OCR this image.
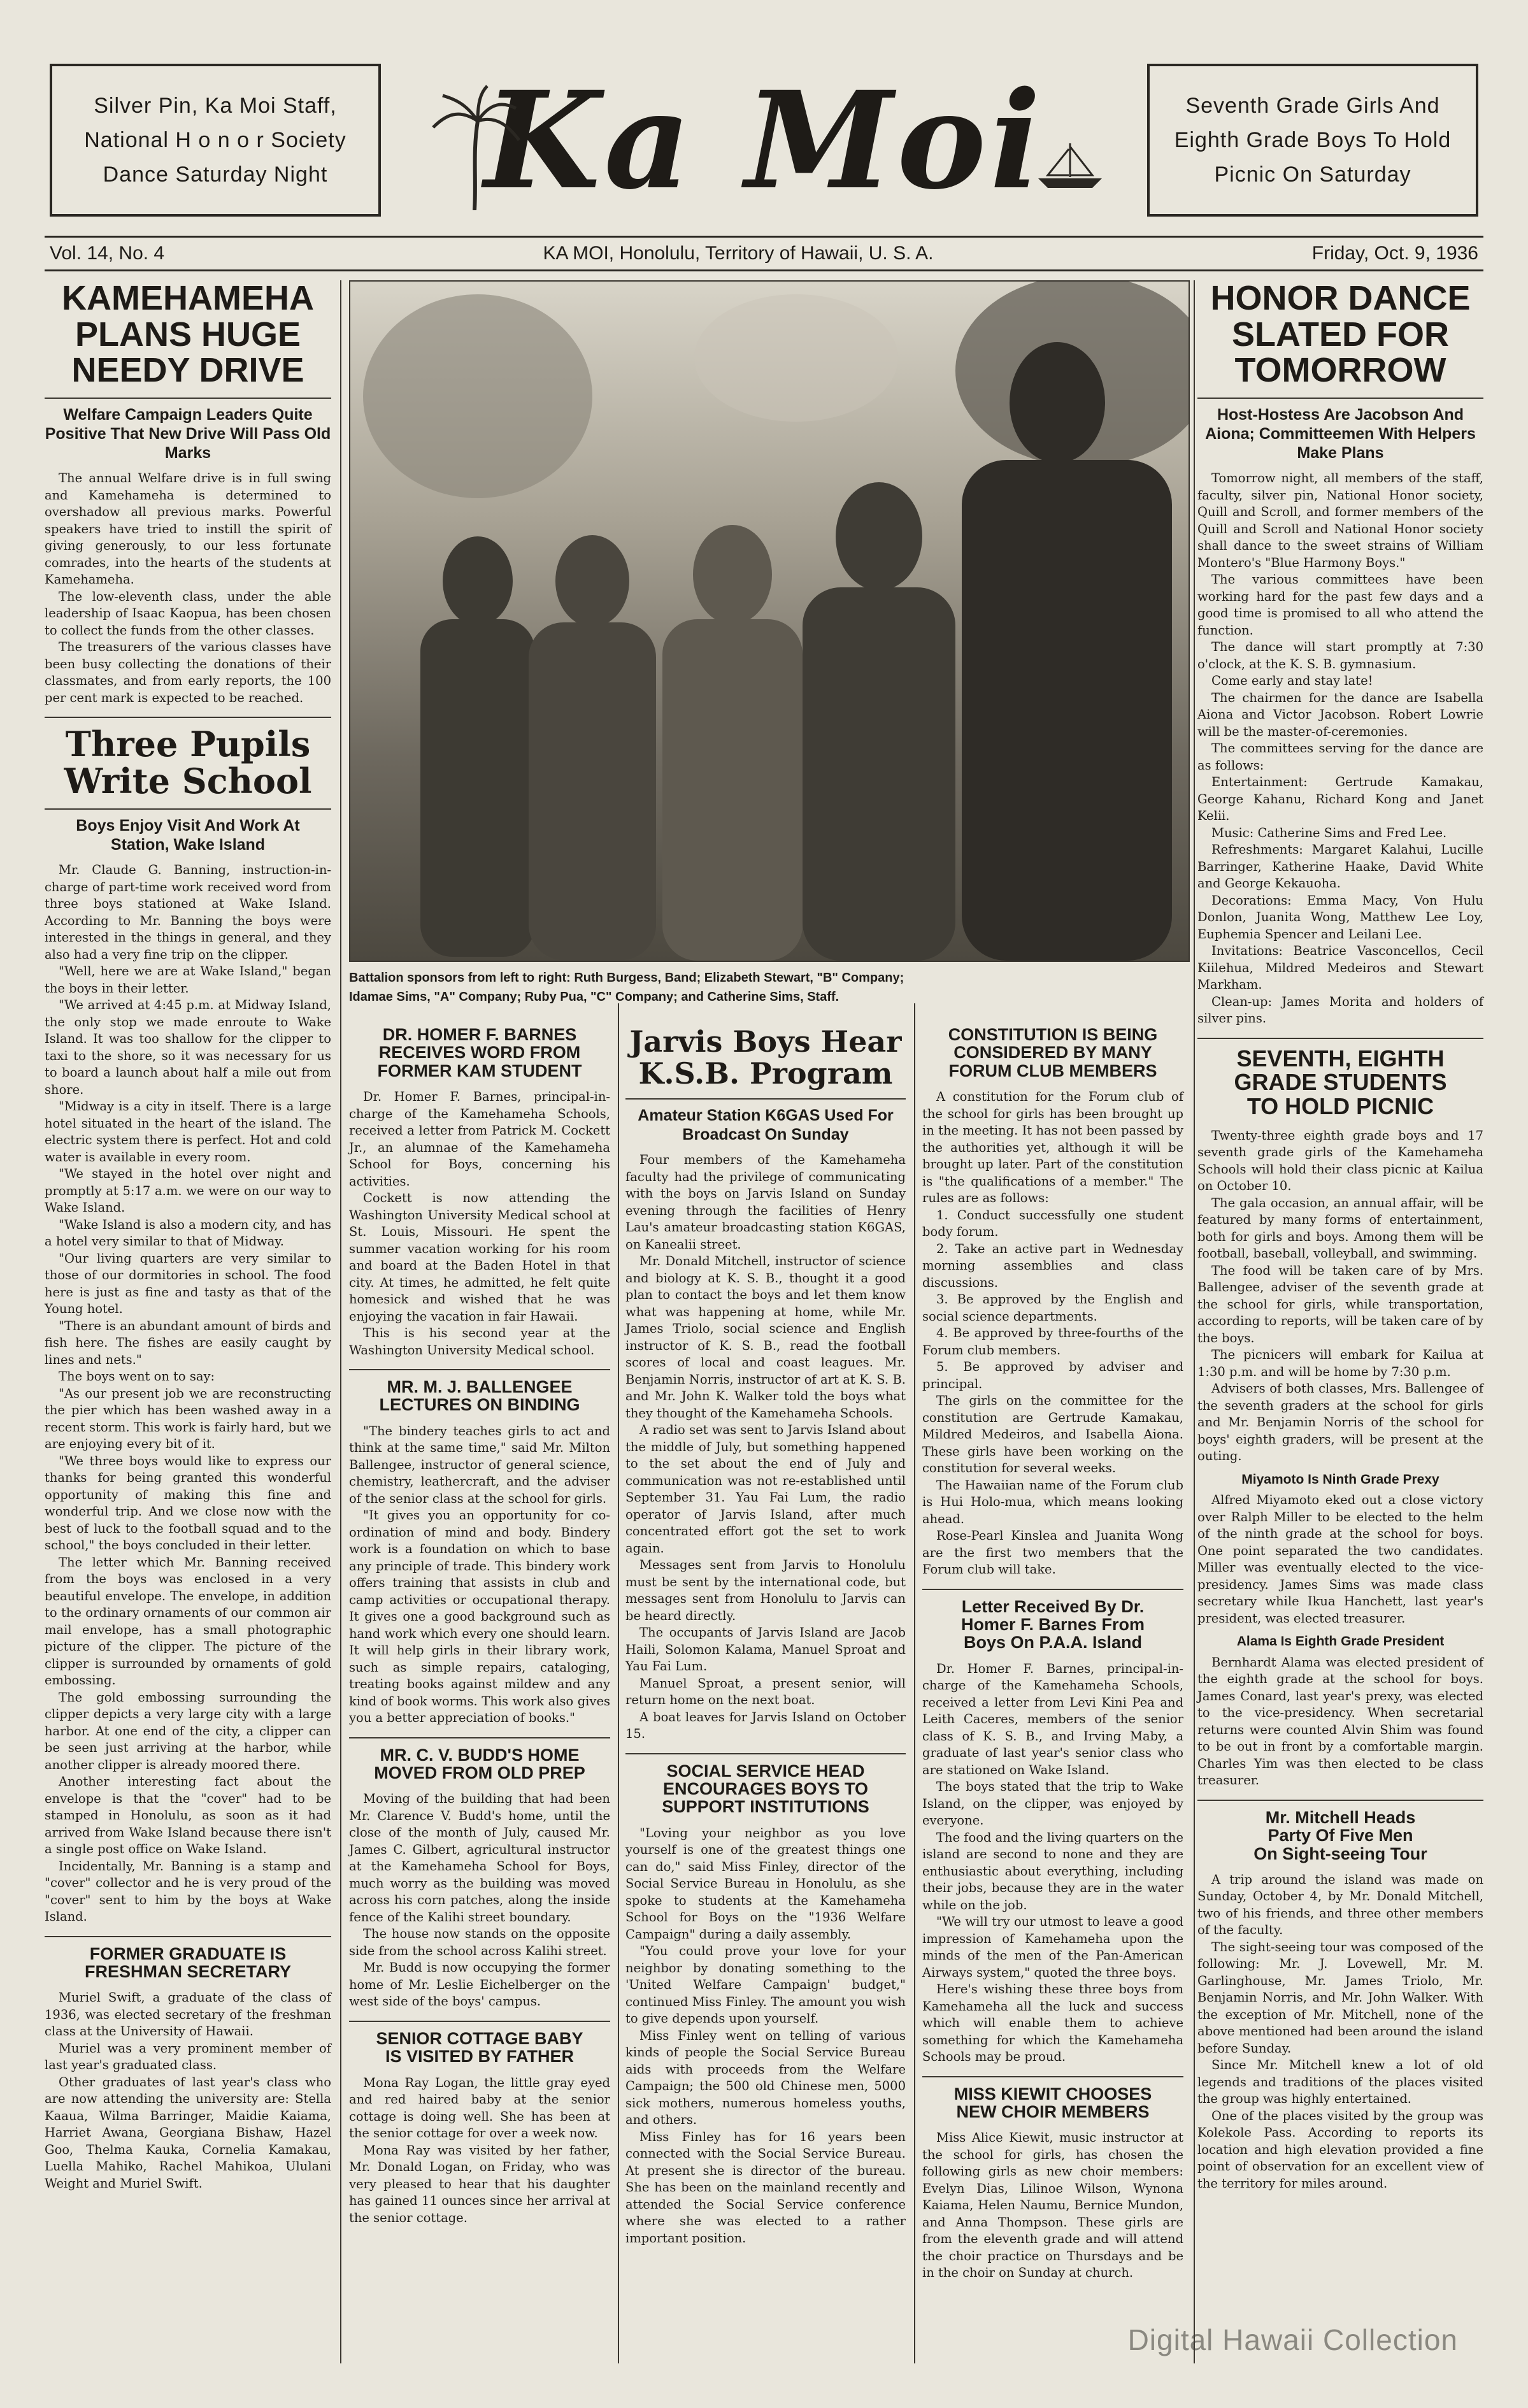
Silver Pin, Ka Moi Staff,
National H o n o r Society
Dance Saturday Night Ka Moi	Seventh Grade Girls And
Eighth Grade Boys To Hold
Picnic On Saturday
Vol. 14, No. 4	KA MOI, Honolulu, Territory of Hawaii, U. S. A.	Friday, Oct. 9, 1936
KAMEHAMEHA
PLANS HUGE
NEEDY DRIVE
Welfare Campaign Leaders Quite Positive That New Drive Will Pass Old Marks

The annual Welfare drive is in full swing and Kamehameha is determined to overshadow all previous marks. Powerful speakers have tried to instill the spirit of giving generously, to our less fortunate comrades, into the hearts of the students at Kamehameha.

The low-eleventh class, under the able leadership of Isaac Kaopua, has been chosen to collect the funds from the other classes.

The treasurers of the various classes have been busy collecting the donations of their classmates, and from early reports, the 100 per cent mark is expected to be reached.

Three Pupils
Write School
Boys Enjoy Visit And Work At Station, Wake Island

Mr. Claude G. Banning, instruction-in-charge of part-time work received word from three boys stationed at Wake Island. According to Mr. Banning the boys were interested in the things in general, and they also had a very fine trip on the clipper.

"Well, here we are at Wake Island," began the boys in their letter.

"We arrived at 4:45 p.m. at Midway Island, the only stop we made enroute to Wake Island. It was too shallow for the clipper to taxi to the shore, so it was necessary for us to board a launch about half a mile out from shore.

"Midway is a city in itself. There is a large hotel situated in the heart of the island. The electric system there is perfect. Hot and cold water is available in every room.

"We stayed in the hotel over night and promptly at 5:17 a.m. we were on our way to Wake Island.

"Wake Island is also a modern city, and has a hotel very similar to that of Midway.

"Our living quarters are very similar to those of our dormitories in school. The food here is just as fine and tasty as that of the Young hotel.

"There is an abundant amount of birds and fish here. The fishes are easily caught by lines and nets."

The boys went on to say:

"As our present job we are reconstructing the pier which has been washed away in a recent storm. This work is fairly hard, but we are enjoying every bit of it.

"We three boys would like to express our thanks for being granted this wonderful opportunity of making this fine and wonderful trip. And we close now with the best of luck to the football squad and to the school," the boys concluded in their letter.

The letter which Mr. Banning received from the boys was enclosed in a very beautiful envelope. The envelope, in addition to the ordinary ornaments of our common air mail envelope, has a small photographic picture of the clipper. The picture of the clipper is surrounded by ornaments of gold embossing.

The gold embossing surrounding the clipper depicts a very large city with a large harbor. At one end of the city, a clipper can be seen just arriving at the harbor, while another clipper is already moored there.

Another interesting fact about the envelope is that the "cover" had to be stamped in Honolulu, as soon as it had arrived from Wake Island because there isn't a single post office on Wake Island.

Incidentally, Mr. Banning is a stamp and "cover" collector and he is very proud of the "cover" sent to him by the boys at Wake Island.

FORMER GRADUATE IS
FRESHMAN SECRETARY

Muriel Swift, a graduate of the class of 1936, was elected secretary of the freshman class at the University of Hawaii.

Muriel was a very prominent member of last year's graduated class.

Other graduates of last year's class who are now attending the university are: Stella Kaaua, Wilma Barringer, Maidie Kaiama, Harriet Awana, Georgiana Bishaw, Hazel Goo, Thelma Kauka, Cornelia Kamakau, Luella Mahiko, Rachel Mahikoa, Ululani Weight and Muriel Swift.

Battalion sponsors from left to right: Ruth Burgess, Band; Elizabeth Stewart, "B" Company; Idamae Sims, "A" Company; Ruby Pua, "C" Company; and Catherine Sims, Staff.
DR. HOMER F. BARNES
RECEIVES WORD FROM
FORMER KAM STUDENT

Dr. Homer F. Barnes, principal-in-charge of the Kamehameha Schools, received a letter from Patrick M. Cockett Jr., an alumnae of the Kamehameha School for Boys, concerning his activities.

Cockett is now attending the Washington University Medical school at St. Louis, Missouri. He spent the summer vacation working for his room and board at the Baden Hotel in that city. At times, he admitted, he felt quite homesick and wished that he was enjoying the vacation in fair Hawaii.

This is his second year at the Washington University Medical school.

MR. M. J. BALLENGEE
LECTURES ON BINDING

"The bindery teaches girls to act and think at the same time," said Mr. Milton Ballengee, instructor of general science, chemistry, leathercraft, and the adviser of the senior class at the school for girls.

"It gives you an opportunity for co-ordination of mind and body. Bindery work is a foundation on which to base any principle of trade. This bindery work offers training that assists in club and camp activities or occupational therapy. It gives one a good background such as hand work which every one should learn. It will help girls in their library work, such as simple repairs, cataloging, treating books against mildew and any kind of book worms. This work also gives you a better appreciation of books."

MR. C. V. BUDD'S HOME
MOVED FROM OLD PREP

Moving of the building that had been Mr. Clarence V. Budd's home, until the close of the month of July, caused Mr. James C. Gilbert, agricultural instructor at the Kamehameha School for Boys, much worry as the building was moved across his corn patches, along the inside fence of the Kalihi street boundary.

The house now stands on the opposite side from the school across Kalihi street.

Mr. Budd is now occupying the former home of Mr. Leslie Eichelberger on the west side of the boys' campus.

SENIOR COTTAGE BABY
IS VISITED BY FATHER

Mona Ray Logan, the little gray eyed and red haired baby at the senior cottage is doing well. She has been at the senior cottage for over a week now.

Mona Ray was visited by her father, Mr. Donald Logan, on Friday, who was very pleased to hear that his daughter has gained 11 ounces since her arrival at the senior cottage.

Jarvis Boys Hear
K.S.B. Program
Amateur Station K6GAS Used For Broadcast On Sunday

Four members of the Kamehameha faculty had the privilege of communicating with the boys on Jarvis Island on Sunday evening through the facilities of Henry Lau's amateur broadcasting station K6GAS, on Kanealii street.

Mr. Donald Mitchell, instructor of science and biology at K. S. B., thought it a good plan to contact the boys and let them know what was happening at home, while Mr. James Triolo, social science and English instructor of K. S. B., read the football scores of local and coast leagues. Mr. Benjamin Norris, instructor of art at K. S. B. and Mr. John K. Walker told the boys what they thought of the Kamehameha Schools.

A radio set was sent to Jarvis Island about the middle of July, but something happened to the set about the end of July and communication was not re-established until September 31. Yau Fai Lum, the radio operator of Jarvis Island, after much concentrated effort got the set to work again.

Messages sent from Jarvis to Honolulu must be sent by the international code, but messages sent from Honolulu to Jarvis can be heard directly.

The occupants of Jarvis Island are Jacob Haili, Solomon Kalama, Manuel Sproat and Yau Fai Lum.

Manuel Sproat, a present senior, will return home on the next boat.

A boat leaves for Jarvis Island on October 15.

SOCIAL SERVICE HEAD
ENCOURAGES BOYS TO
SUPPORT INSTITUTIONS

"Loving your neighbor as you love yourself is one of the greatest things one can do," said Miss Finley, director of the Social Service Bureau in Honolulu, as she spoke to students at the Kamehameha School for Boys on the "1936 Welfare Campaign" during a daily assembly.

"You could prove your love for your neighbor by donating something to the 'United Welfare Campaign' budget," continued Miss Finley. The amount you wish to give depends upon yourself.

Miss Finley went on telling of various kinds of people the Social Service Bureau aids with proceeds from the Welfare Campaign; the 500 old Chinese men, 5000 sick mothers, numerous homeless youths, and others.

Miss Finley has for 16 years been connected with the Social Service Bureau. At present she is director of the bureau. She has been on the mainland recently and attended the Social Service conference where she was elected to a rather important position.

CONSTITUTION IS BEING
CONSIDERED BY MANY
FORUM CLUB MEMBERS

A constitution for the Forum club of the school for girls has been brought up in the meeting. It has not been passed by the authorities yet, although it will be brought up later. Part of the constitution is "the qualifications of a member." The rules are as follows:

1. Conduct successfully one student body forum.

2. Take an active part in Wednesday morning assemblies and class discussions.

3. Be approved by the English and social science departments.

4. Be approved by three-fourths of the Forum club members.

5. Be approved by adviser and principal.

The girls on the committee for the constitution are Gertrude Kamakau, Mildred Medeiros, and Isabella Aiona. These girls have been working on the constitution for several weeks.

The Hawaiian name of the Forum club is Hui Holo-mua, which means looking ahead.

Rose-Pearl Kinslea and Juanita Wong are the first two members that the Forum club will take.

Letter Received By Dr.
Homer F. Barnes From
Boys On P.A.A. Island

Dr. Homer F. Barnes, principal-in-charge of the Kamehameha Schools, received a letter from Levi Kini Pea and Leith Caceres, members of the senior class of K. S. B., and Irving Maby, a graduate of last year's senior class who are stationed on Wake Island.

The boys stated that the trip to Wake Island, on the clipper, was enjoyed by everyone.

The food and the living quarters on the island are second to none and they are enthusiastic about everything, including their jobs, because they are in the water while on the job.

"We will try our utmost to leave a good impression of Kamehameha upon the minds of the men of the Pan-American Airways system," quoted the three boys.

Here's wishing these three boys from Kamehameha all the luck and success which will enable them to achieve something for which the Kamehameha Schools may be proud.

MISS KIEWIT CHOOSES
NEW CHOIR MEMBERS

Miss Alice Kiewit, music instructor at the school for girls, has chosen the following girls as new choir members: Evelyn Dias, Lilinoe Wilson, Wynona Kaiama, Helen Naumu, Bernice Mundon, and Anna Thompson. These girls are from the eleventh grade and will attend the choir practice on Thursdays and be in the choir on Sunday at church.

HONOR DANCE
SLATED FOR
TOMORROW
Host-Hostess Are Jacobson And Aiona; Committeemen With Helpers Make Plans

Tomorrow night, all members of the staff, faculty, silver pin, National Honor society, Quill and Scroll, and former members of the Quill and Scroll and National Honor society shall dance to the sweet strains of William Montero's "Blue Harmony Boys."

The various committees have been working hard for the past few days and a good time is promised to all who attend the function.

The dance will start promptly at 7:30 o'clock, at the K. S. B. gymnasium.

Come early and stay late!

The chairmen for the dance are Isabella Aiona and Victor Jacobson. Robert Lowrie will be the master-of-ceremonies.

The committees serving for the dance are as follows:

Entertainment: Gertrude Kamakau, George Kahanu, Richard Kong and Janet Kelii.

Music: Catherine Sims and Fred Lee.

Refreshments: Margaret Kalahui, Lucille Barringer, Katherine Haake, David White and George Kekauoha.

Decorations: Emma Macy, Von Hulu Donlon, Juanita Wong, Matthew Lee Loy, Euphemia Spencer and Leilani Lee.

Invitations: Beatrice Vasconcellos, Cecil Kiilehua, Mildred Medeiros and Stewart Markham.

Clean-up: James Morita and holders of silver pins.

SEVENTH, EIGHTH
GRADE STUDENTS
TO HOLD PICNIC

Twenty-three eighth grade boys and 17 seventh grade girls of the Kamehameha Schools will hold their class picnic at Kailua on October 10.

The gala occasion, an annual affair, will be featured by many forms of entertainment, both for girls and boys. Among them will be football, baseball, volleyball, and swimming.

The food will be taken care of by Mrs. Ballengee, adviser of the seventh grade at the school for girls, while transportation, according to reports, will be taken care of by the boys.

The picnicers will embark for Kailua at 1:30 p.m. and will be home by 7:30 p.m.

Advisers of both classes, Mrs. Ballengee of the seventh graders at the school for girls and Mr. Benjamin Norris of the school for boys' eighth graders, will be present at the outing.

Miyamoto Is Ninth Grade Prexy

Alfred Miyamoto eked out a close victory over Ralph Miller to be elected to the helm of the ninth grade at the school for boys. One point separated the two candidates. Miller was eventually elected to the vice-presidency. James Sims was made class secretary while Ikua Hanchett, last year's president, was elected treasurer.

Alama Is Eighth Grade President

Bernhardt Alama was elected president of the eighth grade at the school for boys. James Conard, last year's prexy, was elected to the vice-presidency. When secretarial returns were counted Alvin Shim was found to be out in front by a comfortable margin. Charles Yim was then elected to be class treasurer.

Mr. Mitchell Heads
Party Of Five Men
On Sight-seeing Tour

A trip around the island was made on Sunday, October 4, by Mr. Donald Mitchell, two of his friends, and three other members of the faculty.

The sight-seeing tour was composed of the following: Mr. J. Lovewell, Mr. M. Garlinghouse, Mr. James Triolo, Mr. Benjamin Norris, and Mr. John Walker. With the exception of Mr. Mitchell, none of the above mentioned had been around the island before Sunday.

Since Mr. Mitchell knew a lot of old legends and traditions of the places visited the group was highly entertained.

One of the places visited by the group was Kolekole Pass. According to reports its location and high elevation provided a fine point of observation for an excellent view of the territory for miles around.

Digital Hawaii Collection
